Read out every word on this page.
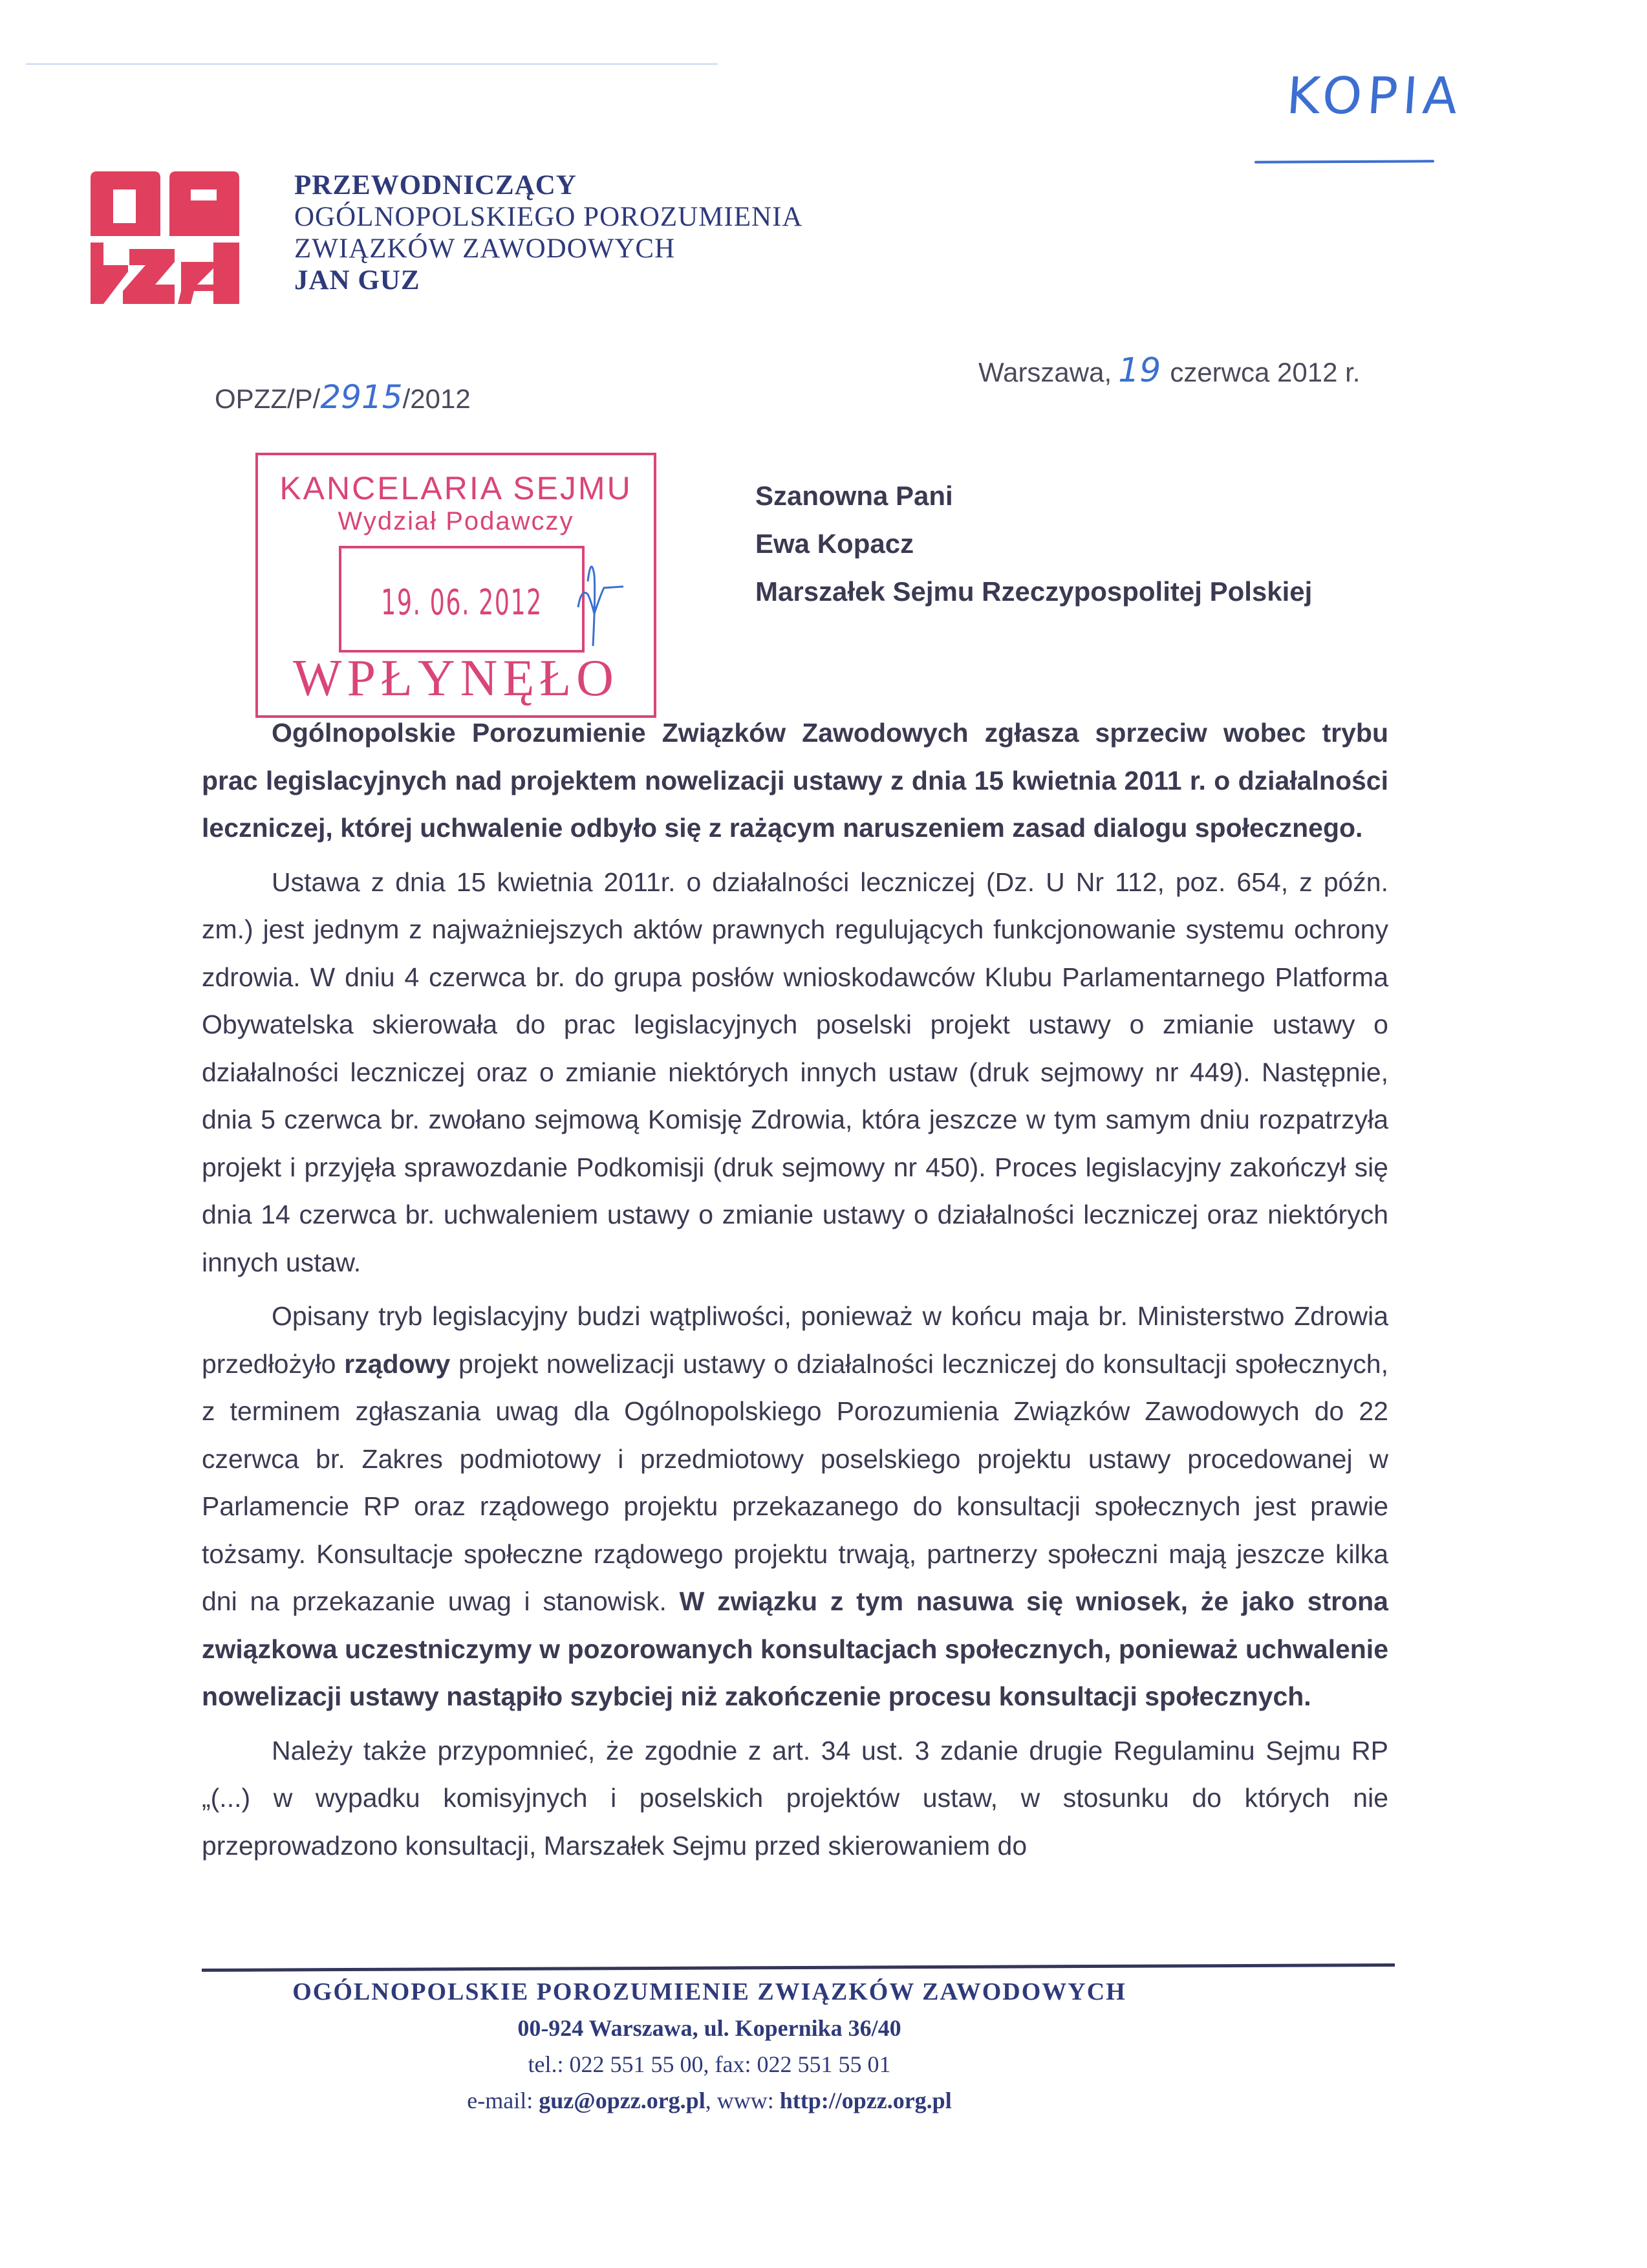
KOPIA
PRZEWODNICZĄCY
OGÓLNOPOLSKIEGO POROZUMIENIA
ZWIĄZKÓW ZAWODOWYCH
JAN GUZ
OPZZ/P/2915/2012
Warszawa, 19 czerwca 2012 r.
KANCELARIA SEJMU
Wydział Podawczy
19. 06. 2012
WPŁYNĘŁO
Szanowna Pani
Ewa Kopacz
Marszałek Sejmu Rzeczypospolitej Polskiej

Ogólnopolskie Porozumienie Związków Zawodowych zgłasza sprzeciw wobec trybu prac legislacyjnych nad projektem nowelizacji ustawy z dnia 15 kwietnia 2011 r. o działalności leczniczej, której uchwalenie odbyło się z rażącym naruszeniem zasad dialogu społecznego.

Ustawa z dnia 15 kwietnia 2011r. o działalności leczniczej (Dz. U Nr 112, poz. 654, z późn. zm.) jest jednym z najważniejszych aktów prawnych regulujących funkcjonowanie systemu ochrony zdrowia. W dniu 4 czerwca br. do grupa posłów wnioskodawców Klubu Parlamentarnego Platforma Obywatelska skierowała do prac legislacyjnych poselski projekt ustawy o zmianie ustawy o działalności leczniczej oraz o zmianie niektórych innych ustaw (druk sejmowy nr 449). Następnie, dnia 5 czerwca br. zwołano sejmową Komisję Zdrowia, która jeszcze w tym samym dniu rozpatrzyła projekt i przyjęła sprawozdanie Podkomisji (druk sejmowy nr 450). Proces legislacyjny zakończył się dnia 14 czerwca br. uchwaleniem ustawy o zmianie ustawy o działalności leczniczej oraz niektórych innych ustaw.

Opisany tryb legislacyjny budzi wątpliwości, ponieważ w końcu maja br. Ministerstwo Zdrowia przedłożyło rządowy projekt nowelizacji ustawy o działalności leczniczej do konsultacji społecznych, z terminem zgłaszania uwag dla Ogólnopolskiego Porozumienia Związków Zawodowych do 22 czerwca br. Zakres podmiotowy i przedmiotowy poselskiego projektu ustawy procedowanej w Parlamencie RP oraz rządowego projektu przekazanego do konsultacji społecznych jest prawie tożsamy. Konsultacje społeczne rządowego projektu trwają, partnerzy społeczni mają jeszcze kilka dni na przekazanie uwag i stanowisk. W związku z tym nasuwa się wniosek, że jako strona związkowa uczestniczymy w pozorowanych konsultacjach społecznych, ponieważ uchwalenie nowelizacji ustawy nastąpiło szybciej niż zakończenie procesu konsultacji społecznych.

Należy także przypomnieć, że zgodnie z art. 34 ust. 3 zdanie drugie Regulaminu Sejmu RP „(...) w wypadku komisyjnych i poselskich projektów ustaw, w stosunku do których nie przeprowadzono konsultacji, Marszałek Sejmu przed skierowaniem do

OGÓLNOPOLSKIE POROZUMIENIE ZWIĄZKÓW ZAWODOWYCH
00-924 Warszawa, ul. Kopernika 36/40
tel.: 022 551 55 00, fax: 022 551 55 01
e-mail: guz@opzz.org.pl, www: http://opzz.org.pl
